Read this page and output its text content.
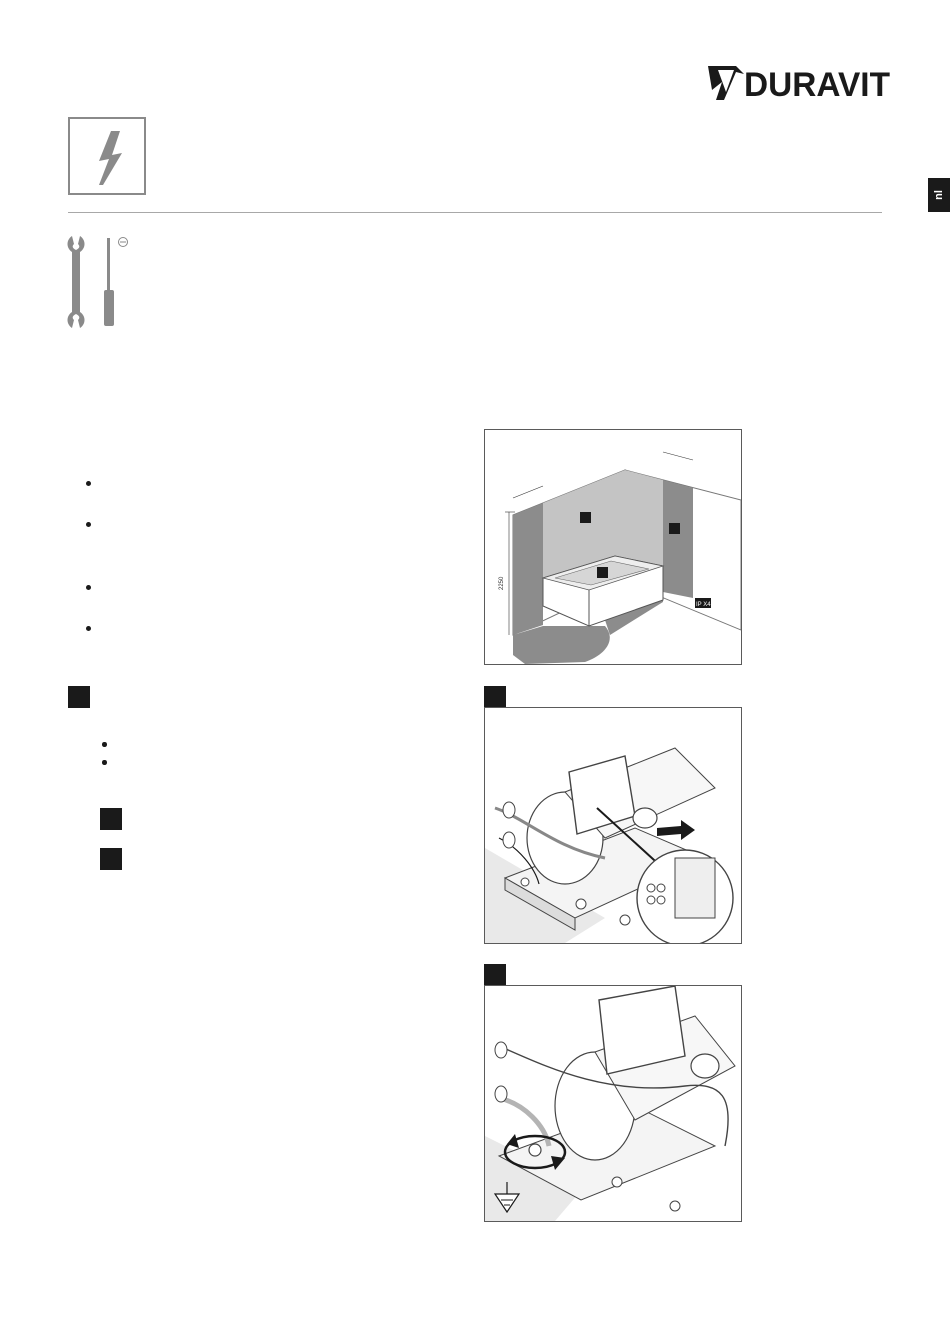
DURAVIT
nl
2250
IP X4
